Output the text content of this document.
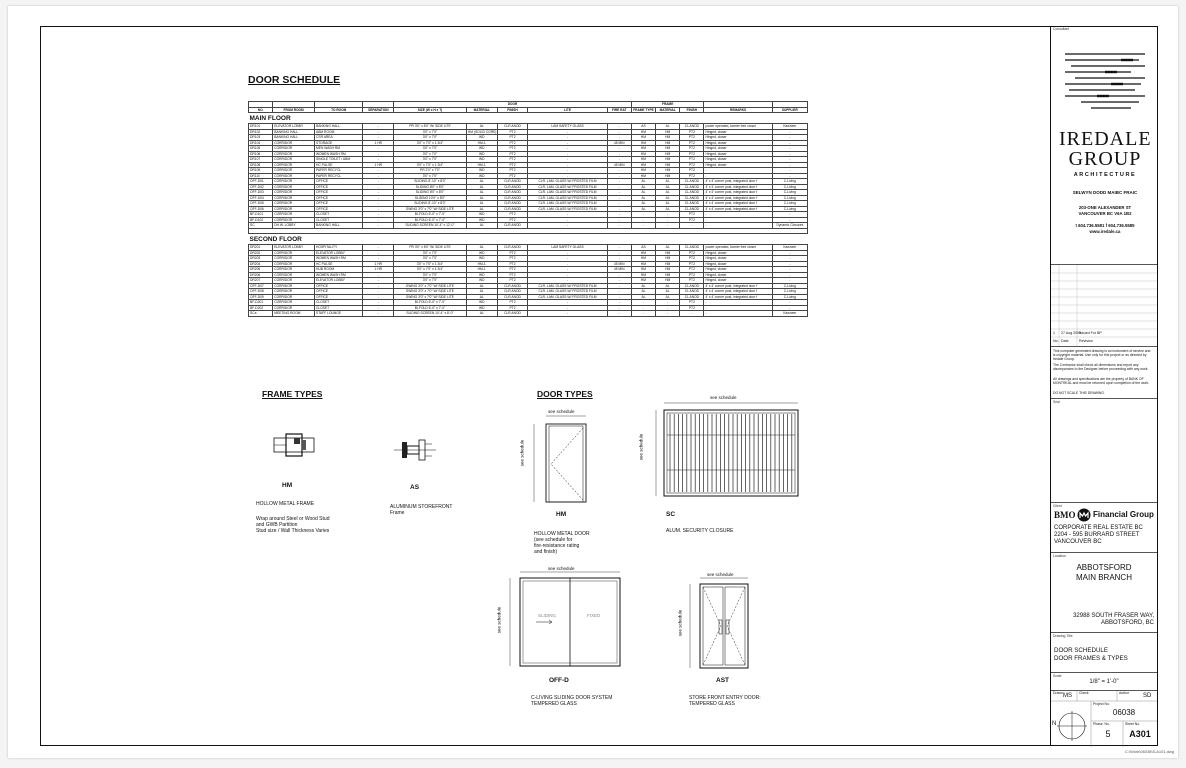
DOOR SCHEDULE
				DOOR					FRAME				
NO.	FROM ROOM	TO ROOM	SEPARATION	SIZE (W x H x T)	MATERIAL	FINISH	LITE	FIRE RAT	FRAME TYPE	MATERIAL	FINISH	REMARKS	SUPPLIER
MAIN FLOOR													
DR101	ELEVATOR LOBBY	BANKING HALL	-	PR 3'0" x 8'0" W/ SIDE LITE	AL	CLR ANOD	LAM SAFETY GLASS	-	AS	AL	CL ANOD	power operated, barrier free closer	Kawneer
DR102	BANKING HALL	ABM ROOM	-	3'0" x 7'0"	HM (SOLID CORE)	PT2	-	-	HM	HM	PT2	Hinged, closer	-
DR103	BANKING HALL	CSR AREA	-	3'0" x 7'0"	WD	PT2	-	-	HM	HM	PT2	Hinged, closer	-
DR104	CORRIDOR	STORAGE	1 HR	3'0" x 7'0" x 1 3/4"	HM-1	PT2	-	45 MIN	HM	HM	PT2	Hinged, closer	-
DR105	CORRIDOR	MEN WASH RM	-	3'0" x 7'0"	WD	PT2	-	-	HM	HM	PT2	Hinged, closer	-
DR106	CORRIDOR	WOMEN WASH RM	-	3'0" x 7'0"	WD	PT2	-	-	HM	HM	PT2	Hinged, closer	-
DR107	CORRIDOR	SINGLE TOILET / ABM	-	3'0" x 7'0"	WD	PT2	-	-	HM	HM	PT2	Hinged, closer	-
DR108	CORRIDOR	HC PULSE	1 HR	3'0" x 7'0" x 1 3/4"	HM-1	PT2	-	45 MIN	HM	HM	PT2	Hinged, closer	-
DR109	CORRIDOR	PAPER RECYCL	-	PR 2'0" x 7'0"	WD	PT2	-	-	HM	HM	PT2	-	-
DR110	CORRIDOR	PAPER RECYCL	-	3'0" x 7'0"	WD	PT2	-	-	HM	HM	PT2	-	-
OFF-D01	CORRIDOR	OFFICE	-	SLIDING 8'-10" x 8'0"	AL	CLR ANOD	CLR. LAM. GLASS W/ FROSTED FILM	-	AL	AL	CL ANOD	4' x 4' corner post, integrated door f	C-Living
OFF-D02	CORRIDOR	OFFICE	-	SLIDING 8'0" x 8'0"	AL	CLR ANOD	CLR. LAM. GLASS W/ FROSTED FILM	-	AL	AL	CL ANOD	4' x 4' corner post, integrated door f	C-Living
OFF-D03	CORRIDOR	OFFICE	-	SLIDING 8'0" x 8'0"	AL	CLR ANOD	CLR. LAM. GLASS W/ FROSTED FILM	-	AL	AL	CL ANOD	4' x 4' corner post, integrated door f	C-Living
OFF-D04	CORRIDOR	OFFICE	-	SLIDING 10'0" x 8'0"	AL	CLR ANOD	CLR. LAM. GLASS W/ FROSTED FILM	-	AL	AL	CL ANOD	4' x 4' corner post, integrated door f	C-Living
OFF-D05	CORRIDOR	OFFICE	-	SLIDING 8'-10" x 8'0"	AL	CLR ANOD	CLR. LAM. GLASS W/ FROSTED FILM	-	AL	AL	CL ANOD	4' x 4' corner post, integrated door f	C-Living
OFF-D06	CORRIDOR	OFFICE	-	SWING 3'0" x 7'0" W/ SIDE LITE	AL	CLR ANOD	CLR. LAM. GLASS W/ FROSTED FILM	-	AL	AL	CL ANOD	4' x 4' corner post, integrated door f	C-Living
BF-D101	CORRIDOR	CLOSET	-	BI-FOLD 6'-0" x 7'-0"	WD	PT2	-	-	-	-	PT2	-	-
BF-D102	CORRIDOR	CLOSET	-	BI-FOLD 6'-0" x 7'-0"	WD	PT2	-	-	-	-	PT2	-	-
SC	DH.W. LOBBY	BANKING HALL	-	SLIDING SCREEN 10'-4" x 12'-0"	AL	CLR ANOD	-	-	-	-	-	-	Dynamic Closures

SECOND FLOOR													
DR201	ELEVATOR LOBBY	HOSPITALITY	-	PR 3'0" x 8'0" W/ SIDE LITE	AL	CLR ANOD	LAM SAFETY GLASS	-	AS	AL	CL ANOD	power operated, barrier free closer	Kawneer
DR202	CORRIDOR	ELEVATOR LOBBY	-	3'0" x 7'0"	WD	PT2	-	-	HM	HM	PT2	Hinged, closer	-
DR203	CORRIDOR	WOMEN WASH RM	-	3'0" x 7'0"	WD	PT2	-	-	HM	HM	PT2	Hinged, closer	-
DR204	CORRIDOR	HC PULSE	1 HR	3'0" x 7'0" x 1 3/4"	HM-1	PT2	-	45 MIN	HM	HM	PT2	Hinged, closer	-
DR205	CORRIDOR	HUB ROOM	1 HR	3'0" x 7'0" x 1 3/4"	HM-1	PT2	-	45 MIN	HM	HM	PT2	Hinged, closer	-
DR206	CORRIDOR	WOMEN WASH RM	-	3'0" x 7'0"	WD	PT2	-	-	HM	HM	PT2	Hinged, closer	-
DR207	CORRIDOR	ELEVATOR LOBBY	-	3'0" x 7'0"	WD	PT2	-	-	HM	HM	PT2	Hinged, closer	-
OFF-D07	CORRIDOR	OFFICE	-	SWING 3'0" x 7'0" W/ SIDE LITE	AL	CLR ANOD	CLR. LAM. GLASS W/ FROSTED FILM	-	AL	AL	CL ANOD	4' x 4' corner post, integrated door f	C-Living
OFF-D08	CORRIDOR	OFFICE	-	SWING 3'0" x 7'0" W/ SIDE LITE	AL	CLR ANOD	CLR. LAM. GLASS W/ FROSTED FILM	-	AL	AL	CL ANOD	4' x 4' corner post, integrated door f	C-Living
OFF-D09	CORRIDOR	OFFICE	-	SWING 3'0" x 7'0" W/ SIDE LITE	AL	CLR ANOD	CLR. LAM. GLASS W/ FROSTED FILM	-	AL	AL	CL ANOD	4' x 4' corner post, integrated door f	C-Living
BF-D201	CORRIDOR	CLOSET	-	BI-FOLD 6'-0" x 7'-0"	WD	PT2	-	-	-	-	PT2	-	-
BF-D202	CORRIDOR	CLOSET	-	BI-FOLD 6'-0" x 7'-0"	WD	PT2	-	-	-	-	PT2	-	-
SCa	MEETING ROOM	STAFF LOUNGE	-	SLIDING SCREEN 10'-4" x 8'-0"	AL	CLR ANOD	-	-	-	-	-	-	Kawneer
FRAME TYPES
HM
HOLLOW METAL FRAME
Wrap around Steel or Wood Stud
and GWB Partition
Stud size / Wall Thickness Varies
AS
ALUMINUM STOREFRONT
Frame
DOOR TYPES
see schedule
see schedule
HM
HOLLOW METAL DOOR
(see schedule for
fire-resistance rating
and finish)
see schedule
see schedule
SC
ALUM. SECURITY CLOSURE
see schedule
SLIDING	FIXED
see schedule
OFF-D
C-LIVING SLIDING DOOR SYSTEM
TEMPERED GLASS
see schedule
see schedule
AST
STORE FRONT ENTRY DOOR:
TEMPERED GLASS
Consultant
IREDALE
GROUP
ARCHITECTURE
SELWYN DODD MAIBC FRAIC
203-ONE ALEXANDER ST
VANCOUVER BC V6A 1B2
t 604.736.5581 f 604.736.5585
www.iredale.ca
1 27 Aug 2009
Issued For BP
No. Date	Revision
This computer generated drawing is an instrument of service and is copyright material. Use only for this project or as directed by Iredale Group.
The Contractor shall check all dimensions and report any discrepancies to the Designer before proceeding with any work.
All drawings and specifications are the property of BANK OF MONTREAL and must be returned upon completion of the work.
DO NOT SCALE THIS DRAWING.
Seal
Client
BMO Financial Group
CORPORATE REAL ESTATE BC
2204 - 595 BURRARD STREET
VANCOUVER BC
Location
ABBOTSFORD
MAIN BRANCH
32988 SOUTH FRASER WAY,
ABBOTSFORD, BC
Drawing Title
DOOR SCHEDULE
DOOR FRAMES & TYPES
Scale
1/8" = 1'-0"
Drawn MS Check	Author SD
Project No.
06038
N	Phase. No.
5
Sheet No.
A301
C:\Work\06038\5-A101.dwg
